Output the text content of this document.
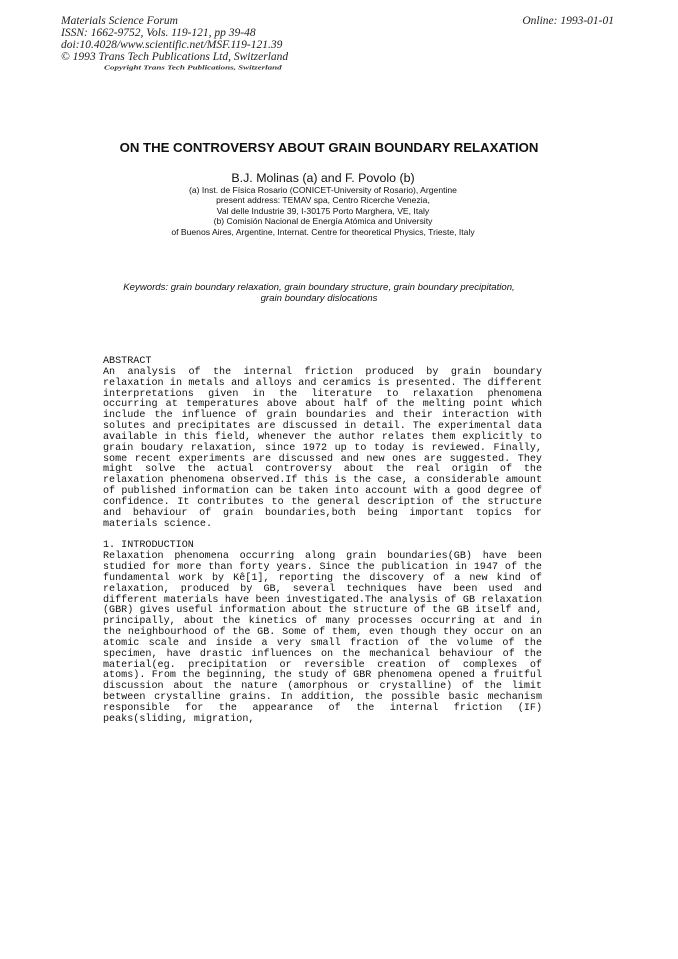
Materials Science Forum
ISSN: 1662-9752, Vols. 119-121, pp 39-48
doi:10.4028/www.scientific.net/MSF.119-121.39
© 1993 Trans Tech Publications Ltd, Switzerland
Online: 1993-01-01
Copyright Trans Tech Publications, Switzerland
ON THE CONTROVERSY ABOUT GRAIN BOUNDARY RELAXATION
B.J. Molinas (a) and F. Povolo (b)
(a) Inst. de Física Rosario (CONICET-University of Rosario), Argentine
present address: TEMAV spa, Centro Ricerche Venezia,
Val delle Industrie 39, I-30175 Porto Marghera, VE, Italy
(b) Comisión Nacional de Energía Atómica and University
of Buenos Aires, Argentine, Internat. Centre for theoretical Physics, Trieste, Italy
Keywords: grain boundary relaxation, grain boundary structure, grain boundary precipitation,
grain boundary dislocations
ABSTRACT
An analysis of the internal friction produced by grain boundary relaxation in metals and alloys and ceramics is presented. The different interpretations given in the literature to relaxation phenomena occurring at temperatures above about half of the melting point which include the influence of grain boundaries and their interaction with solutes and precipitates are discussed in detail. The experimental data available in this field, whenever the author relates them explicitly to grain boudary relaxation, since 1972 up to today is reviewed. Finally, some recent experiments are discussed and new ones are suggested. They might solve the actual controversy about the real origin of the relaxation phenomena observed.If this is the case, a considerable amount of published information can be taken into account with a good degree of confidence. It contributes to the general description of the structure and behaviour of grain boundaries,both being important topics for materials science.
1. INTRODUCTION
Relaxation phenomena occurring along grain boundaries(GB) have been studied for more than forty years. Since the publication in 1947 of the fundamental work by Kê[1], reporting the discovery of a new kind of relaxation, produced by GB, several techniques have been used and different materials have been investigated.The analysis of GB relaxation (GBR) gives useful information about the structure of the GB itself and, principally, about the kinetics of many processes occurring at and in the neighbourhood of the GB. Some of them, even though they occur on an atomic scale and inside a very small fraction of the volume of the specimen, have drastic influences on the mechanical behaviour of the material(eg. precipitation or reversible creation of complexes of atoms). From the beginning, the study of GBR phenomena opened a fruitful discussion about the nature (amorphous or crystalline) of the limit between crystalline grains. In addition, the possible basic mechanism responsible for the appearance of the internal friction (IF) peaks(sliding, migration,
